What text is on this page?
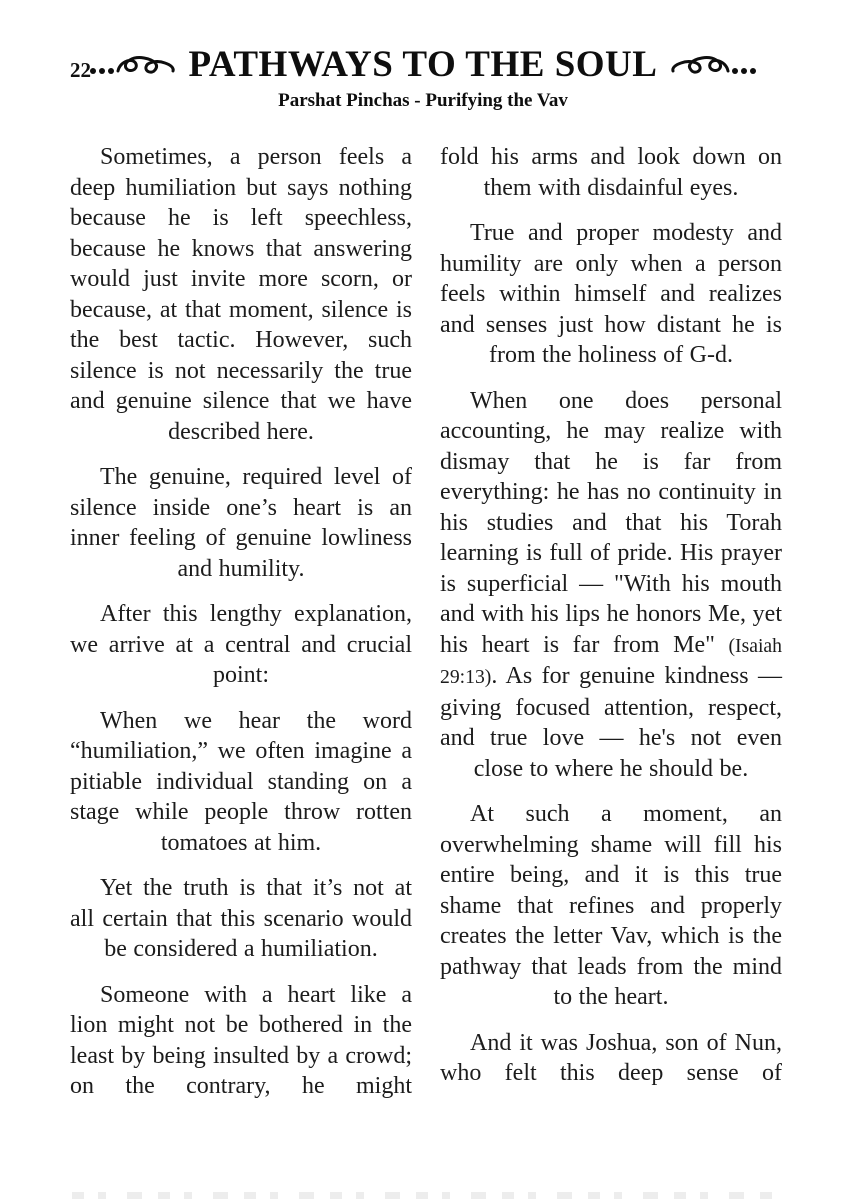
22	PATHWAYS TO THE SOUL
Parshat Pinchas - Purifying the Vav

Sometimes, a person feels a deep humiliation but says nothing because he is left speechless, because he knows that answering would just invite more scorn, or because, at that moment, silence is the best tactic. However, such silence is not necessarily the true and genuine silence that we have described here.

The genuine, required level of silence inside one’s heart is an inner feeling of genuine lowliness and humility.

After this lengthy explanation, we arrive at a central and crucial point:

When we hear the word “humiliation,” we often imagine a pitiable individual standing on a stage while people throw rotten tomatoes at him.

Yet the truth is that it’s not at all certain that this scenario would be considered a humiliation.

Someone with a heart like a lion might not be bothered in the least by being insulted by a crowd; on the contrary, he might

fold his arms and look down on them with disdainful eyes.

True and proper modesty and humility are only when a person feels within himself and realizes and senses just how distant he is from the holiness of G-d.

When one does personal accounting, he may realize with dismay that he is far from everything: he has no continuity in his studies and that his Torah learning is full of pride. His prayer is superficial — "With his mouth and with his lips he honors Me, yet his heart is far from Me" (Isaiah 29:13). As for genuine kindness — giving focused attention, respect, and true love — he's not even close to where he should be.

At such a moment, an overwhelming shame will fill his entire being, and it is this true shame that refines and properly creates the letter Vav, which is the pathway that leads from the mind to the heart.

And it was Joshua, son of Nun, who felt this deep sense of
